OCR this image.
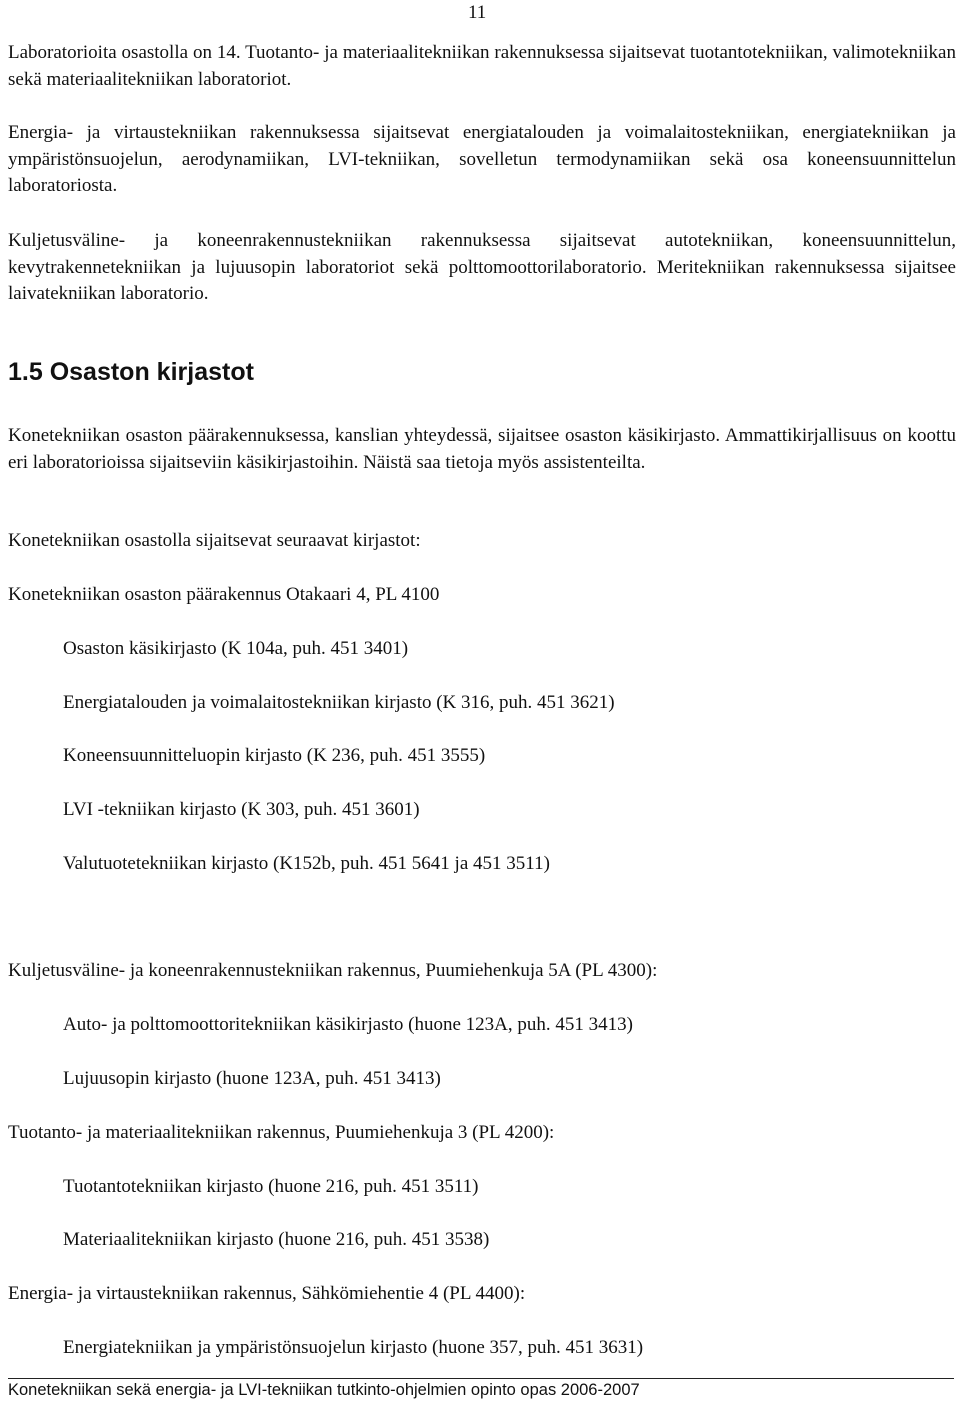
11

Laboratorioita osastolla on 14. Tuotanto- ja materiaalitekniikan rakennuksessa sijaitsevat tuotantotekniikan, valimotekniikan sekä materiaalitekniikan laboratoriot.

Energia- ja virtaustekniikan rakennuksessa sijaitsevat energiatalouden ja voimalaitostekniikan, energiatekniikan ja ympäristönsuojelun, aerodynamiikan, LVI-tekniikan, sovelletun termodynamiikan sekä osa koneensuunnittelun laboratoriosta.

Kuljetusväline- ja koneenrakennustekniikan rakennuksessa sijaitsevat autotekniikan, koneensuunnittelun, kevytrakennetekniikan ja lujuusopin laboratoriot sekä polttomoottorilaboratorio. Meritekniikan rakennuksessa sijaitsee laivatekniikan laboratorio.

1.5 Osaston kirjastot

Konetekniikan osaston päärakennuksessa, kanslian yhteydessä, sijaitsee osaston käsikirjasto. Ammattikirjallisuus on koottu eri laboratorioissa sijaitseviin käsikirjastoihin. Näistä saa tietoja myös assistenteilta.

Konetekniikan osastolla sijaitsevat seuraavat kirjastot:

Konetekniikan osaston päärakennus Otakaari 4, PL 4100

Osaston käsikirjasto (K 104a, puh. 451 3401)

Energiatalouden ja voimalaitostekniikan kirjasto (K 316, puh. 451 3621)

Koneensuunnitteluopin kirjasto (K 236, puh. 451 3555)

LVI -tekniikan kirjasto (K 303, puh. 451 3601)

Valutuotetekniikan kirjasto (K152b, puh. 451 5641 ja 451 3511)

Kuljetusväline- ja koneenrakennustekniikan rakennus, Puumiehenkuja 5A (PL 4300):

Auto- ja polttomoottoritekniikan käsikirjasto (huone 123A, puh. 451 3413)

Lujuusopin kirjasto (huone 123A, puh. 451 3413)

Tuotanto- ja materiaalitekniikan rakennus, Puumiehenkuja 3 (PL 4200):

Tuotantotekniikan kirjasto (huone 216, puh. 451 3511)

Materiaalitekniikan kirjasto (huone 216, puh. 451 3538)

Energia- ja virtaustekniikan rakennus, Sähkömiehentie 4 (PL 4400):

Energiatekniikan ja ympäristönsuojelun kirjasto (huone 357, puh. 451 3631)

Konetekniikan sekä energia- ja LVI-tekniikan tutkinto-ohjelmien opinto opas 2006-2007
